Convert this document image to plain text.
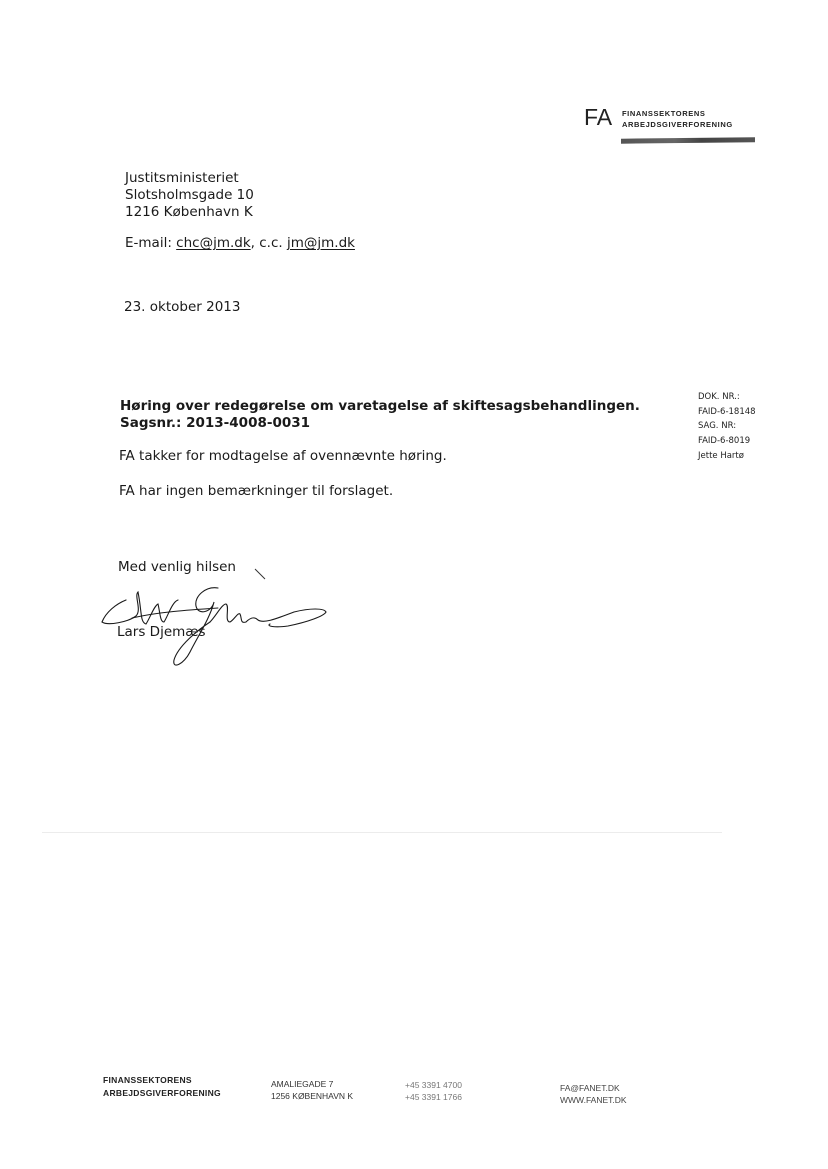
FA FINANSSEKTORENS
ARBEJDSGIVERFORENING
Justitsministeriet
Slotsholmsgade 10
1216 København K
E-mail: chc@jm.dk, c.c. jm@jm.dk
23. oktober 2013
Høring over redegørelse om varetagelse af skiftesagsbehandlingen.
Sagsnr.: 2013-4008-0031
FA takker for modtagelse af ovennævnte høring.
FA har ingen bemærkninger til forslaget.
Med venlig hilsen
Lars Djemæs
DOK. NR.:
FAID-6-18148
SAG. NR:
FAID-6-8019
Jette Hartø
FINANSSEKTORENS
ARBEJDSGIVERFORENING
AMALIEGADE 7
1256 KØBENHAVN K
+45 3391 4700
+45 3391 1766
FA@FANET.DK
WWW.FANET.DK
